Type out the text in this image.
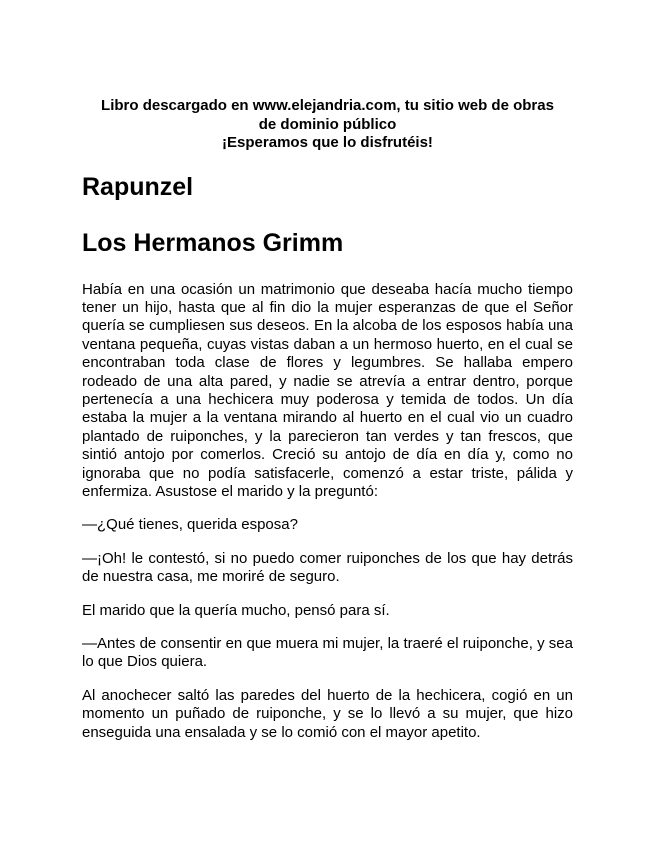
Libro descargado en www.elejandria.com, tu sitio web de obras
de dominio público
¡Esperamos que lo disfrutéis!
Rapunzel
Los Hermanos Grimm

Había en una ocasión un matrimonio que deseaba hacía mucho tiempo tener un hijo, hasta que al fin dio la mujer esperanzas de que el Señor quería se cumpliesen sus deseos. En la alcoba de los esposos había una ventana pequeña, cuyas vistas daban a un hermoso huerto, en el cual se encontraban toda clase de flores y legumbres. Se hallaba empero rodeado de una alta pared, y nadie se atrevía a entrar dentro, porque pertenecía a una hechicera muy poderosa y temida de todos. Un día estaba la mujer a la ventana mirando al huerto en el cual vio un cuadro plantado de ruiponches, y la parecieron tan verdes y tan frescos, que sintió antojo por comerlos. Creció su antojo de día en día y, como no ignoraba que no podía satisfacerle, comenzó a estar triste, pálida y enfermiza. Asustose el marido y la preguntó:

—¿Qué tienes, querida esposa?

—¡Oh! le contestó, si no puedo comer ruiponches de los que hay detrás de nuestra casa, me moriré de seguro.

El marido que la quería mucho, pensó para sí.

—Antes de consentir en que muera mi mujer, la traeré el ruiponche, y sea lo que Dios quiera.

Al anochecer saltó las paredes del huerto de la hechicera, cogió en un momento un puñado de ruiponche, y se lo llevó a su mujer, que hizo enseguida una ensalada y se lo comió con el mayor apetito.
